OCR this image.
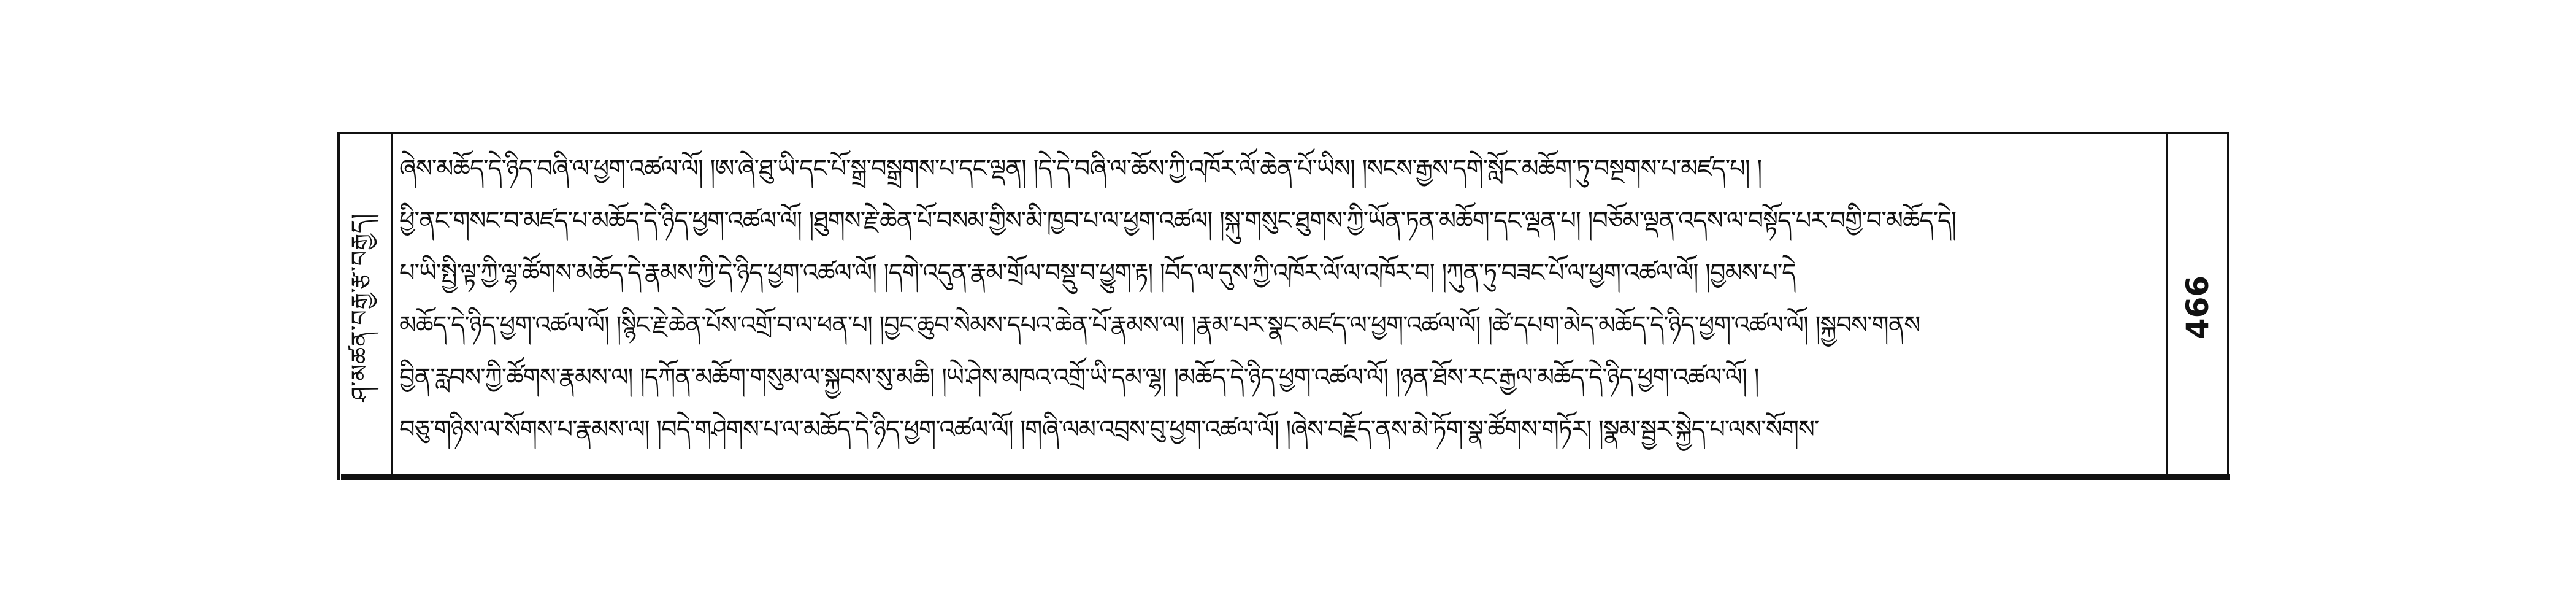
ཤ་མཚན་བརྒྱ་རྩ་བརྒྱད།
ཞེས་མཆོད་དེ་ཉིད་བཞི་ལ་ཕྱག་འཚལ་ལོ། །ཨ་ཞེ་ཐུ་ཡི་དང་པོ་སྒྲ་བསྒྲགས་པ་དང་ལྡན། །དེ་དེ་བཞི་ལ་ཆོས་ཀྱི་འཁོར་ལོ་ཆེན་པོ་ཡིས། །སངས་རྒྱས་དགེ་སློང་མཆོག་ཏུ་བསྔགས་པ་མཛད་པ། །
ཕྱི་ནང་གསང་བ་མཛད་པ་མཆོད་དེ་ཉིད་ཕྱག་འཚལ་ལོ། །ཐུགས་རྗེ་ཆེན་པོ་བསམ་གྱིས་མི་ཁྱབ་པ་ལ་ཕྱག་འཚལ། །སྐུ་གསུང་ཐུགས་ཀྱི་ཡོན་ཏན་མཆོག་དང་ལྡན་པ། །བཅོམ་ལྡན་འདས་ལ་བསྟོད་པར་བགྱི་བ་མཆོད་དེ།
པ་ཡི་སྤྱི་ལྟ་ཀྱི་ལྷ་ཚོགས་མཆོད་དེ་རྣམས་ཀྱི་དེ་ཉིད་ཕྱག་འཚལ་ལོ། །དགེ་འདུན་རྣམ་གྲོལ་བསྡུ་བ་ཕྱུག་རྟ། །བོད་ལ་དུས་ཀྱི་འཁོར་ལོ་ལ་འཁོར་བ། །ཀུན་ཏུ་བཟང་པོ་ལ་ཕྱག་འཚལ་ལོ། །བྱམས་པ་དེ
མཆོད་དེ་ཉིད་ཕྱག་འཚལ་ལོ། །སྙིང་རྗེ་ཆེན་པོས་འགྲོ་བ་ལ་ཕན་པ། །བྱང་ཆུབ་སེམས་དཔའ་ཆེན་པོ་རྣམས་ལ། །རྣམ་པར་སྣང་མཛད་ལ་ཕྱག་འཚལ་ལོ། །ཚེ་དཔག་མེད་མཆོད་དེ་ཉིད་ཕྱག་འཚལ་ལོ། །སྐྱབས་གནས
བྱིན་རླབས་ཀྱི་ཚོགས་རྣམས་ལ། །དཀོན་མཆོག་གསུམ་ལ་སྐྱབས་སུ་མཆི། །ཡེ་ཤེས་མཁའ་འགྲོ་ཡི་དམ་ལྷ། །མཆོད་དེ་ཉིད་ཕྱག་འཚལ་ལོ། །ཉན་ཐོས་རང་རྒྱལ་མཆོད་དེ་ཉིད་ཕྱག་འཚལ་ལོ། །
བཅུ་གཉིས་ལ་སོགས་པ་རྣམས་ལ། །བདེ་གཤེགས་པ་ལ་མཆོད་དེ་ཉིད་ཕྱག་འཚལ་ལོ། །གཞི་ལམ་འབྲས་བུ་ཕྱག་འཚལ་ལོ། །ཞེས་བརྗོད་ནས་མེ་ཏོག་སྣ་ཚོགས་གཏོར། །སྣམ་སྦྱར་སྐྱེད་པ་ལས་སོགས་
466
